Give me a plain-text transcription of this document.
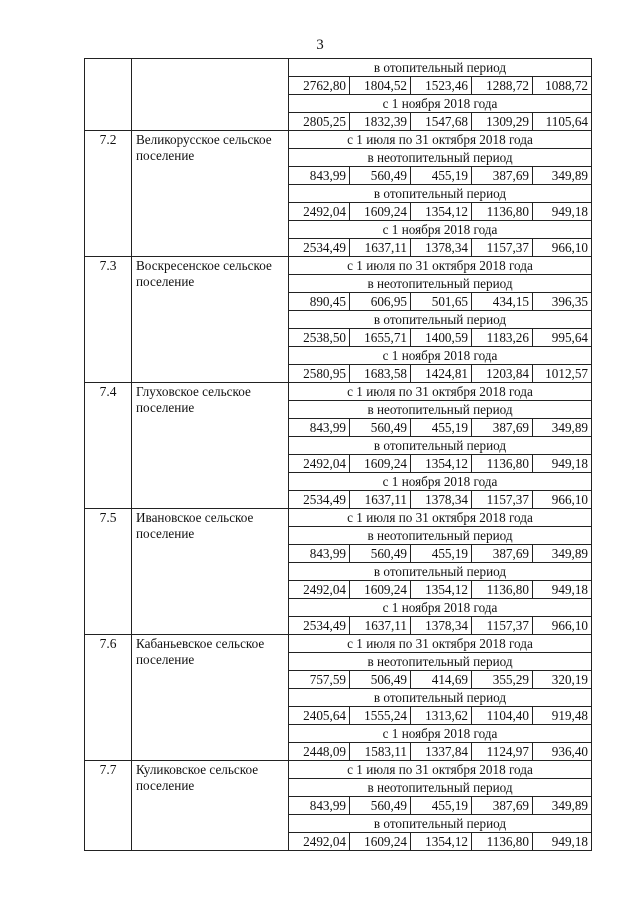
3
		в отопительный период				
		2762,80	1804,52	1523,46	1288,72	1088,72
		с 1 ноября 2018 года				
		2805,25	1832,39	1547,68	1309,29	1105,64
7.2	Великорусское сельское поселение	с 1 июля по 31 октября 2018 года				
		в неотопительный период				
		843,99	560,49	455,19	387,69	349,89
		в отопительный период				
		2492,04	1609,24	1354,12	1136,80	949,18
		с 1 ноября 2018 года				
		2534,49	1637,11	1378,34	1157,37	966,10
7.3	Воскресенское сельское поселение	с 1 июля по 31 октября 2018 года				
		в неотопительный период				
		890,45	606,95	501,65	434,15	396,35
		в отопительный период				
		2538,50	1655,71	1400,59	1183,26	995,64
		с 1 ноября 2018 года				
		2580,95	1683,58	1424,81	1203,84	1012,57
7.4	Глуховское сельское поселение	с 1 июля по 31 октября 2018 года				
		в неотопительный период				
		843,99	560,49	455,19	387,69	349,89
		в отопительный период				
		2492,04	1609,24	1354,12	1136,80	949,18
		с 1 ноября 2018 года				
		2534,49	1637,11	1378,34	1157,37	966,10
7.5	Ивановское сельское поселение	с 1 июля по 31 октября 2018 года				
		в неотопительный период				
		843,99	560,49	455,19	387,69	349,89
		в отопительный период				
		2492,04	1609,24	1354,12	1136,80	949,18
		с 1 ноября 2018 года				
		2534,49	1637,11	1378,34	1157,37	966,10
7.6	Кабаньевское сельское поселение	с 1 июля по 31 октября 2018 года				
		в неотопительный период				
		757,59	506,49	414,69	355,29	320,19
		в отопительный период				
		2405,64	1555,24	1313,62	1104,40	919,48
		с 1 ноября 2018 года				
		2448,09	1583,11	1337,84	1124,97	936,40
7.7	Куликовское сельское поселение	с 1 июля по 31 октября 2018 года				
		в неотопительный период				
		843,99	560,49	455,19	387,69	349,89
		в отопительный период				
		2492,04	1609,24	1354,12	1136,80	949,18
